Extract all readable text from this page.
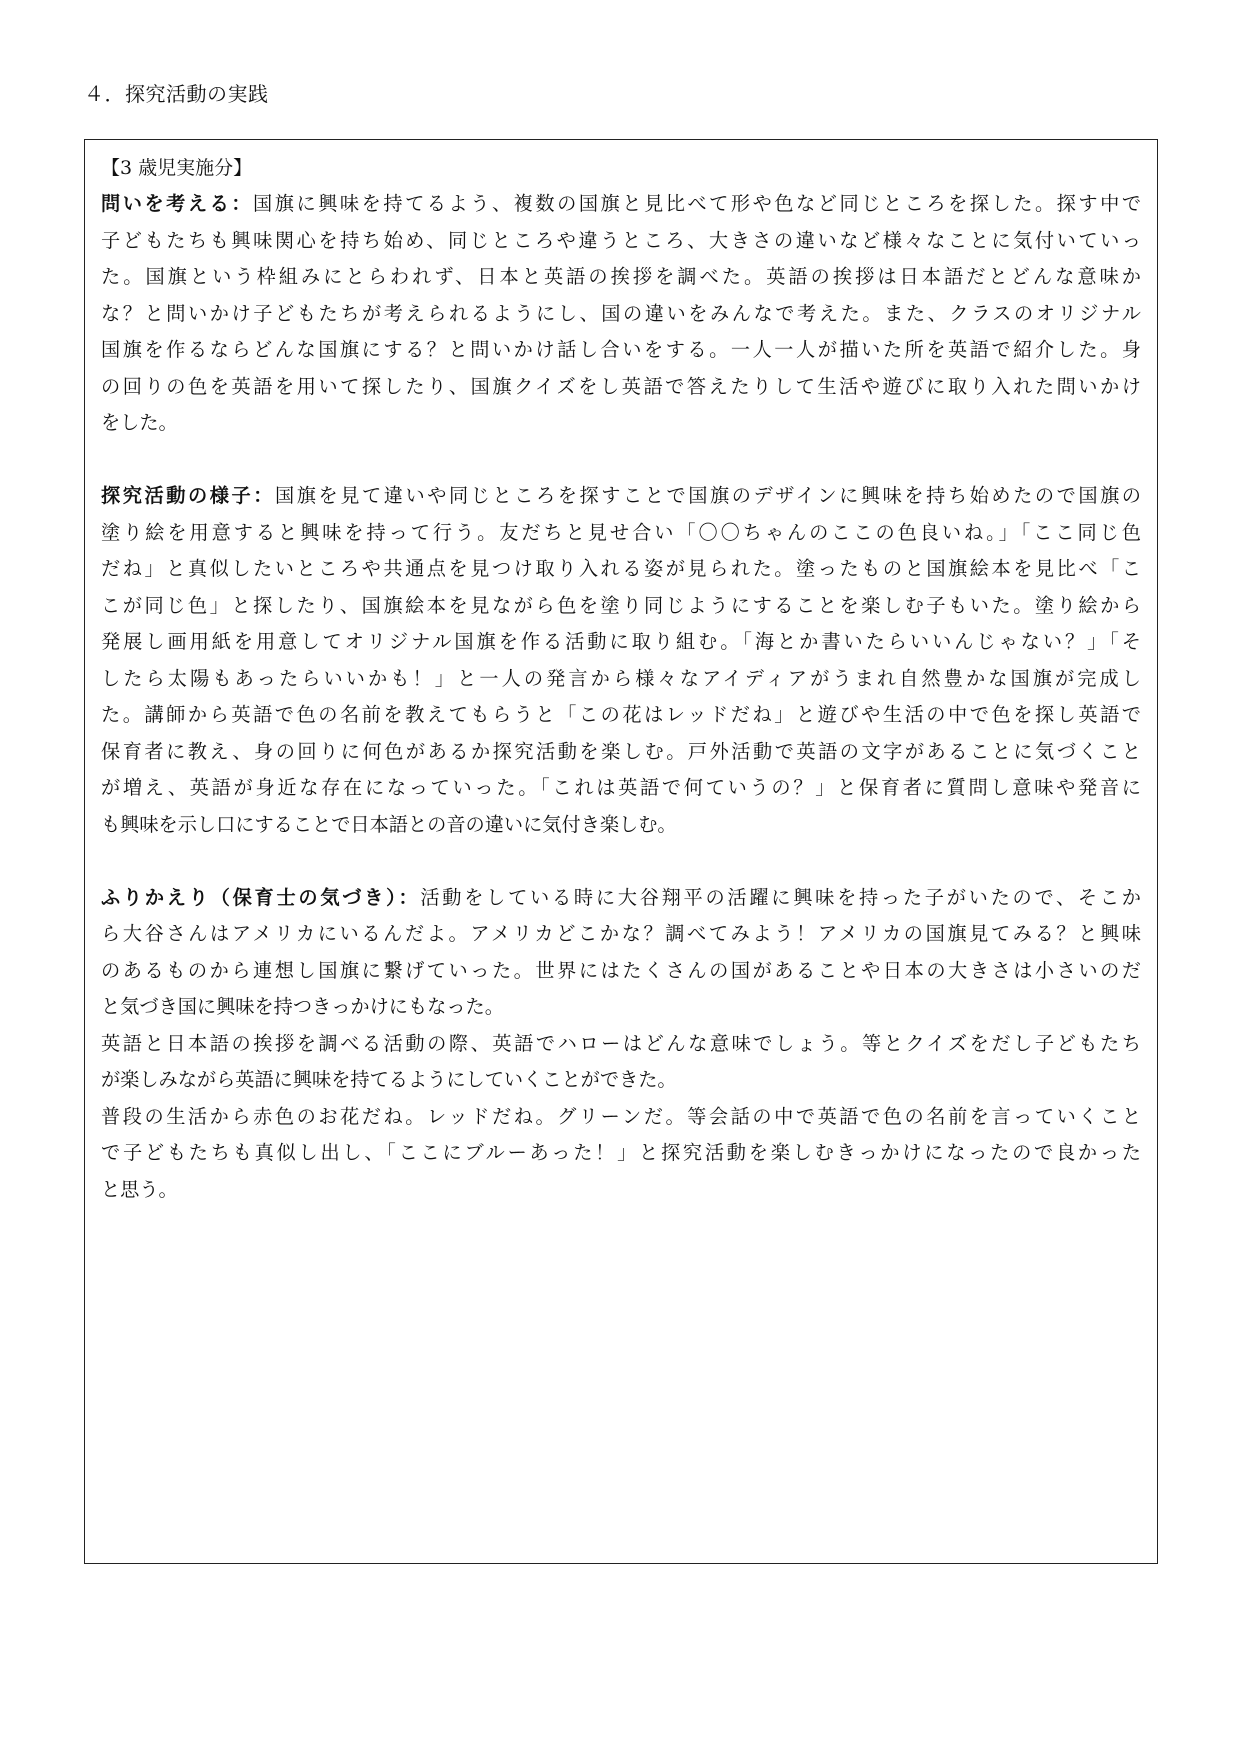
４．探究活動の実践

【3 歳児実施分】

問いを考える：国旗に興味を持てるよう、複数の国旗と見比べて形や色など同じところを探した。探す中で

子どもたちも興味関心を持ち始め、同じところや違うところ、大きさの違いなど様々なことに気付いていっ

た。国旗という枠組みにとらわれず、日本と英語の挨拶を調べた。英語の挨拶は日本語だとどんな意味か

な？と問いかけ子どもたちが考えられるようにし、国の違いをみんなで考えた。また、クラスのオリジナル

国旗を作るならどんな国旗にする？と問いかけ話し合いをする。一人一人が描いた所を英語で紹介した。身

の回りの色を英語を用いて探したり、国旗クイズをし英語で答えたりして生活や遊びに取り入れた問いかけ

をした。

探究活動の様子：国旗を見て違いや同じところを探すことで国旗のデザインに興味を持ち始めたので国旗の

塗り絵を用意すると興味を持って行う。友だちと見せ合い「〇〇ちゃんのここの色良いね。」「ここ同じ色

だね」と真似したいところや共通点を見つけ取り入れる姿が見られた。塗ったものと国旗絵本を見比べ「こ

こが同じ色」と探したり、国旗絵本を見ながら色を塗り同じようにすることを楽しむ子もいた。塗り絵から

発展し画用紙を用意してオリジナル国旗を作る活動に取り組む。「海とか書いたらいいんじゃない？」「そ

したら太陽もあったらいいかも！」と一人の発言から様々なアイディアがうまれ自然豊かな国旗が完成し

た。講師から英語で色の名前を教えてもらうと「この花はレッドだね」と遊びや生活の中で色を探し英語で

保育者に教え、身の回りに何色があるか探究活動を楽しむ。戸外活動で英語の文字があることに気づくこと

が増え、英語が身近な存在になっていった。「これは英語で何ていうの？」と保育者に質問し意味や発音に

も興味を示し口にすることで日本語との音の違いに気付き楽しむ。

ふりかえり（保育士の気づき）：活動をしている時に大谷翔平の活躍に興味を持った子がいたので、そこか

ら大谷さんはアメリカにいるんだよ。アメリカどこかな？調べてみよう！アメリカの国旗見てみる？と興味

のあるものから連想し国旗に繋げていった。世界にはたくさんの国があることや日本の大きさは小さいのだ

と気づき国に興味を持つきっかけにもなった。

英語と日本語の挨拶を調べる活動の際、英語でハローはどんな意味でしょう。等とクイズをだし子どもたち

が楽しみながら英語に興味を持てるようにしていくことができた。

普段の生活から赤色のお花だね。レッドだね。グリーンだ。等会話の中で英語で色の名前を言っていくこと

で子どもたちも真似し出し、「ここにブルーあった！」と探究活動を楽しむきっかけになったので良かった

と思う。
